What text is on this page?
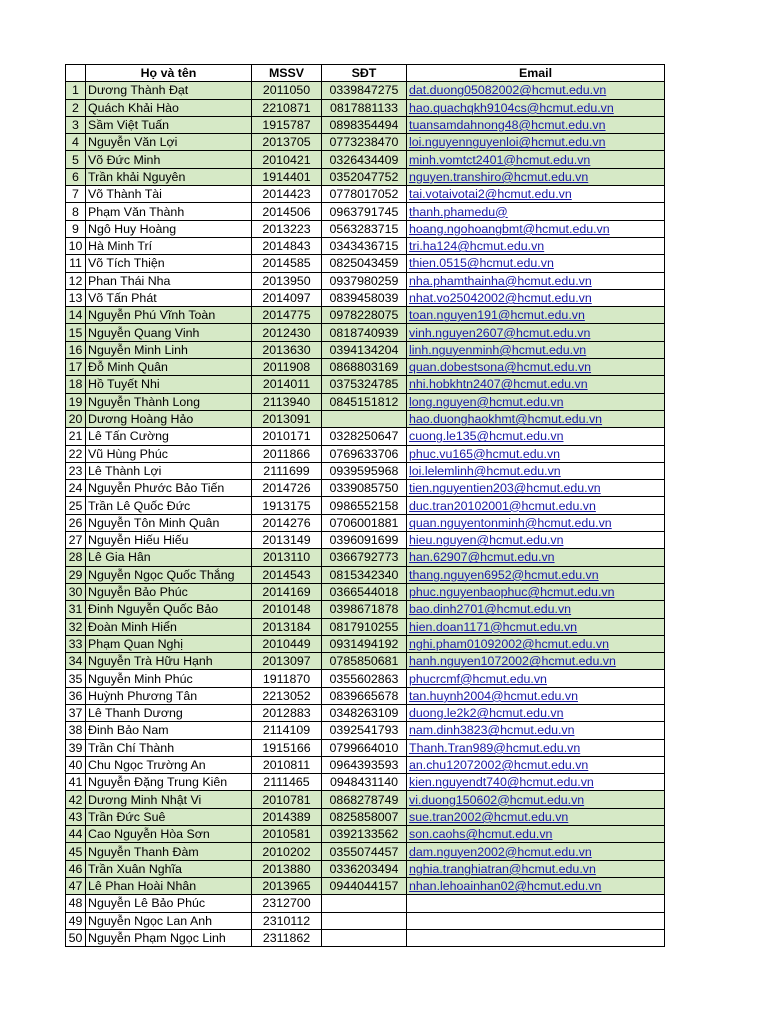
	Họ và tên	MSSV	SĐT	Email
1	Dương Thành Đạt	2011050	0339847275	dat.duong05082002@hcmut.edu.vn
2	Quách Khải Hào	2210871	0817881133	hao.quachqkh9104cs@hcmut.edu.vn
3	Sầm Việt Tuấn	1915787	0898354494	tuansamdahnong48@hcmut.edu.vn
4	Nguyễn Văn Lợi	2013705	0773238470	loi.nguyennguyenloi@hcmut.edu.vn
5	Võ Đức Minh	2010421	0326434409	minh.vomtct2401@hcmut.edu.vn
6	Trần khải Nguyên	1914401	0352047752	nguyen.transhiro@hcmut.edu.vn
7	Võ Thành Tài	2014423	0778017052	tai.votaivotai2@hcmut.edu.vn
8	Phạm Văn Thành	2014506	0963791745	thanh.phamedu@
9	Ngô Huy Hoàng	2013223	0563283715	hoang.ngohoangbmt@hcmut.edu.vn
10	Hà Minh Trí	2014843	0343436715	tri.ha124@hcmut.edu.vn
11	Võ Tích Thiện	2014585	0825043459	thien.0515@hcmut.edu.vn
12	Phan Thái Nha	2013950	0937980259	nha.phamthainha@hcmut.edu.vn
13	Võ Tấn Phát	2014097	0839458039	nhat.vo25042002@hcmut.edu.vn
14	Nguyễn Phú Vĩnh Toàn	2014775	0978228075	toan.nguyen191@hcmut.edu.vn
15	Nguyễn Quang Vinh	2012430	0818740939	vinh.nguyen2607@hcmut.edu.vn
16	Nguyễn Minh Linh	2013630	0394134204	linh.nguyenminh@hcmut.edu.vn
17	Đỗ Minh Quân	2011908	0868803169	quan.dobestsona@hcmut.edu.vn
18	Hồ Tuyết Nhi	2014011	0375324785	nhi.hobkhtn2407@hcmut.edu.vn
19	Nguyễn Thành Long	2113940	0845151812	long.nguyen@hcmut.edu.vn
20	Dương Hoàng Hảo	2013091		hao.duonghaokhmt@hcmut.edu.vn
21	Lê Tấn Cường	2010171	0328250647	cuong.le135@hcmut.edu.vn
22	Vũ Hùng Phúc	2011866	0769633706	phuc.vu165@hcmut.edu.vn
23	Lê Thành Lợi	2111699	0939595968	loi.lelemlinh@hcmut.edu.vn
24	Nguyễn Phước Bảo Tiến	2014726	0339085750	tien.nguyentien203@hcmut.edu.vn
25	Trần Lê Quốc Đức	1913175	0986552158	duc.tran20102001@hcmut.edu.vn
26	Nguyễn Tôn Minh Quân	2014276	0706001881	quan.nguyentonminh@hcmut.edu.vn
27	Nguyễn Hiếu Hiếu	2013149	0396091699	hieu.nguyen@hcmut.edu.vn
28	Lê Gia Hân	2013110	0366792773	han.62907@hcmut.edu.vn
29	Nguyễn Ngọc Quốc Thắng	2014543	0815342340	thang.nguyen6952@hcmut.edu.vn
30	Nguyễn Bảo Phúc	2014169	0366544018	phuc.nguyenbaophuc@hcmut.edu.vn
31	Đinh Nguyễn Quốc Bảo	2010148	0398671878	bao.dinh2701@hcmut.edu.vn
32	Đoàn Minh Hiển	2013184	0817910255	hien.doan1171@hcmut.edu.vn
33	Phạm Quan Nghị	2010449	0931494192	nghi.pham01092002@hcmut.edu.vn
34	Nguyễn Trà Hữu Hạnh	2013097	0785850681	hanh.nguyen1072002@hcmut.edu.vn
35	Nguyễn Minh Phúc	1911870	0355602863	phucrcmf@hcmut.edu.vn
36	Huỳnh Phương Tân	2213052	0839665678	tan.huynh2004@hcmut.edu.vn
37	Lê Thanh Dương	2012883	0348263109	duong.le2k2@hcmut.edu.vn
38	Đinh Bảo Nam	2114109	0392541793	nam.dinh3823@hcmut.edu.vn
39	Trần Chí Thành	1915166	0799664010	Thanh.Tran989@hcmut.edu.vn
40	Chu Ngọc Trường An	2010811	0964393593	an.chu12072002@hcmut.edu.vn
41	Nguyễn Đặng Trung Kiên	2111465	0948431140	kien.nguyendt740@hcmut.edu.vn
42	Dương Minh Nhật Vi	2010781	0868278749	vi.duong150602@hcmut.edu.vn
43	Trần Đức Suê	2014389	0825858007	sue.tran2002@hcmut.edu.vn
44	Cao Nguyễn Hòa Sơn	2010581	0392133562	son.caohs@hcmut.edu.vn
45	Nguyễn Thanh Đàm	2010202	0355074457	dam.nguyen2002@hcmut.edu.vn
46	Trần Xuân Nghĩa	2013880	0336203494	nghia.tranghiatran@hcmut.edu.vn
47	Lê Phan Hoài Nhân	2013965	0944044157	nhan.lehoainhan02@hcmut.edu.vn
48	Nguyễn Lê Bảo Phúc	2312700		
49	Nguyễn Ngọc Lan Anh	2310112		
50	Nguyễn Phạm Ngọc Linh	2311862		
